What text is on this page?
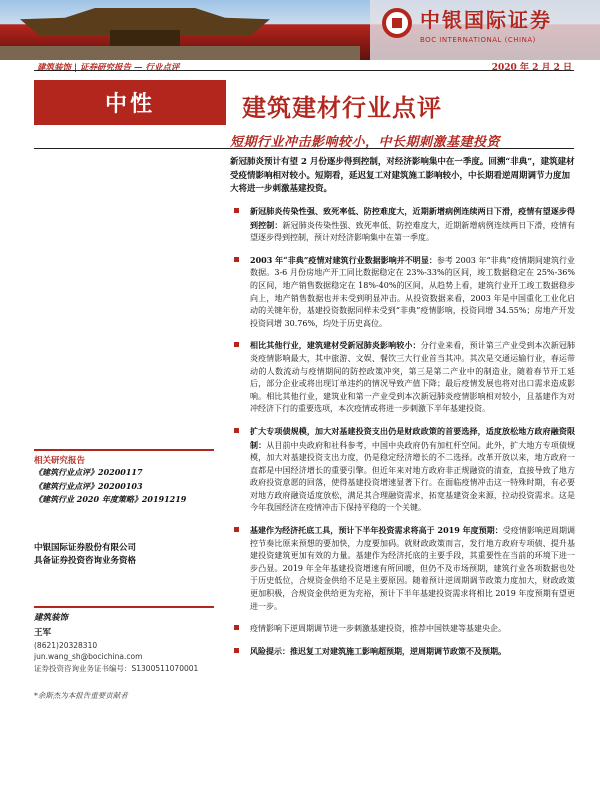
中银国际证券
BOC INTERNATIONAL (CHINA)
建筑装饰 | 证券研究报告 — 行业点评	2020 年 2 月 2 日
中性	建筑建材行业点评
短期行业冲击影响较小，中长期刺激基建投资

新冠肺炎预计有望 2 月份逐步得到控制，对经济影响集中在一季度。回溯“非典”，建筑建材受疫情影响相对较小。短期看，延迟复工对建筑施工影响较小，中长期看逆周期调节力度加大将进一步刺激基建投资。

新冠肺炎传染性强、致死率低、防控难度大，近期新增病例连续两日下滑，疫情有望逐步得到控制：新冠肺炎传染性强、致死率低、防控难度大，近期新增病例连续两日下滑，疫情有望逐步得到控制，预计对经济影响集中在第一季度。
2003 年“非典”疫情对建筑行业数据影响并不明显：参考 2003 年“非典”疫情期间建筑行业数据。3-6 月份房地产开工同比数据稳定在 23%-33%的区间，竣工数据稳定在 25%-36%的区间，地产销售数据稳定在 18%-40%的区间，从趋势上看，建筑行业开工竣工数据稳步向上，地产销售数据也并未受到明显冲击。从投资数据来看，2003 年是中国重化工业化启动的关键年份，基建投资数据同样未受到“非典”疫情影响，投资同增 34.55%；房地产开发投资同增 30.76%，均处于历史高位。
相比其他行业，建筑建材受新冠肺炎影响较小：分行业来看，预计第三产业受到本次新冠肺炎疫情影响最大，其中旅游、文娱、餐饮三大行业首当其冲。其次是交通运输行业，春运带动的人数流动与疫情期间的防控政策冲突，第三是第二产业中的制造业，随着春节开工延后，部分企业或将出现订单违约的情况导致产值下降；最后疫情发展也将对出口需求造成影响。相比其他行业，建筑业和第一产业受到本次新冠肺炎疫情影响相对较小，且基建作为对冲经济下行的重要选项，本次疫情或将进一步刺激下半年基建投资。
扩大专项债规模，加大对基建投资支出仍是财政政策的首要选择，适度放松地方政府融资限制：从目前中央政府和社科参考，中国中央政府仍有加杠杆空间。此外，扩大地方专项债规模，加大对基建投资支出力度，仍是稳定经济增长的不二选择。改革开放以来，地方政府一直都是中国经济增长的重要引擎。但近年来对地方政府非正规融资的清查，直接导致了地方政府投资意愿的回落，使得基建投资增速显著下行。在面临疫情冲击这一特殊时期，有必要对地方政府融资适度放松，满足其合理融资需求，拓宽基建资金来源，拉动投资需求。这是今年我国经济在疫情冲击下保持平稳的一个关键。
基建作为经济托底工具，预计下半年投资需求将高于 2019 年度预期：受疫情影响逆周期调控节奏比原来预想的要加快，力度要加码。就财政政策而言，发行地方政府专项债、提升基建投资建筑更加有效的力量。基建作为经济托底的主要手段，其重要性在当前的环境下进一步凸显。2019 年全年基建投资增速有所回暖，但仍不及市场预期，建筑行业各项数据也处于历史低位，合规资金供给不足是主要原因。随着预计逆周期调节政策力度加大，财政政策更加积极，合规资金供给更为充裕，预计下半年基建投资需求将相比 2019 年度预期有望更进一步。
疫情影响下逆周期调节进一步刺激基建投资，推荐中国铁建等基建央企。
风险提示：推迟复工对建筑施工影响超预期，逆周期调节政策不及预期。
相关研究报告
《建筑行业点评》20200117
《建筑行业点评》20200103
《建筑行业 2020 年度策略》20191219
中银国际证券股份有限公司
具备证券投资咨询业务资格
建筑装饰
王军
(8621)20328310
jun.wang_sh@bocichina.com
证券投资咨询业务证书编号：S1300511070001
*余斯杰为本报告重要贡献者
